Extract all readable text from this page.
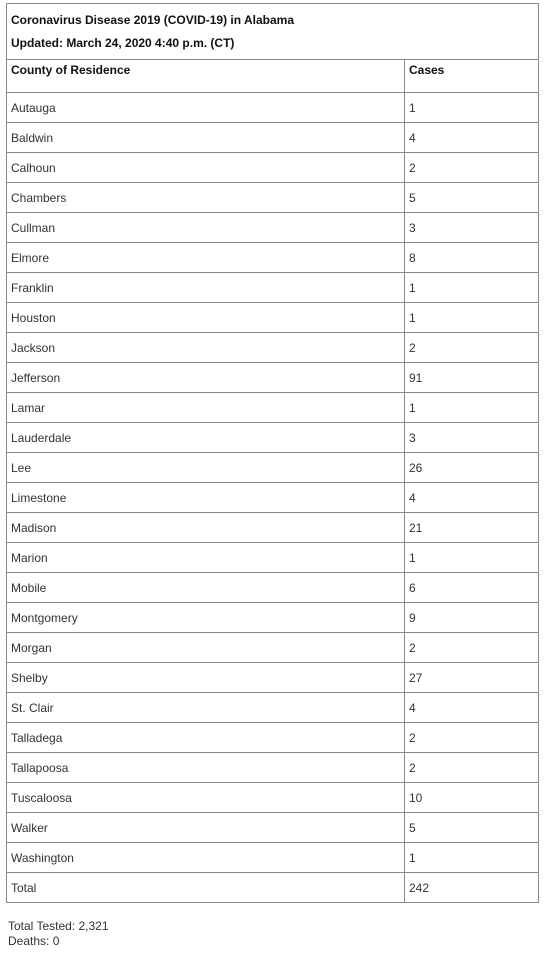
Coronavirus Disease 2019 (COVID-19) in Alabama
Updated: March 24, 2020 4:40 p.m. (CT)	

County of Residence	Cases
Autauga	1
Baldwin	4
Calhoun	2
Chambers	5
Cullman	3
Elmore	8
Franklin	1
Houston	1
Jackson	2
Jefferson	91
Lamar	1
Lauderdale	3
Lee	26
Limestone	4
Madison	21
Marion	1
Mobile	6
Montgomery	9
Morgan	2
Shelby	27
St. Clair	4
Talladega	2
Tallapoosa	2
Tuscaloosa	10
Walker	5
Washington	1
Total	242
Total Tested: 2,321
Deaths: 0
